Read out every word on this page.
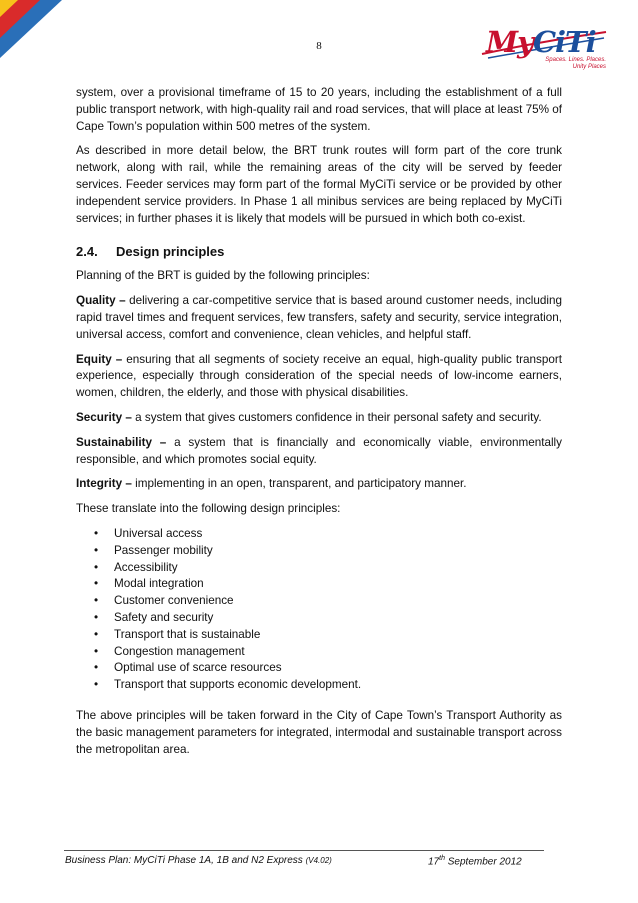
8	MyCiTi
Spaces. Lines. Places.
Unity Places

system, over a provisional timeframe of 15 to 20 years, including the establishment of a full public transport network, with high-quality rail and road services, that will place at least 75% of Cape Town’s population within 500 metres of the system.

As described in more detail below, the BRT trunk routes will form part of the core trunk network, along with rail, while the remaining areas of the city will be served by feeder services. Feeder services may form part of the formal MyCiTi service or be provided by other independent service providers. In Phase 1 all minibus services are being replaced by MyCiTi services; in further phases it is likely that models will be pursued in which both co-exist.

2.4. Design principles

Planning of the BRT is guided by the following principles:

Quality – delivering a car-competitive service that is based around customer needs, including rapid travel times and frequent services, few transfers, safety and security, service integration, universal access, comfort and convenience, clean vehicles, and helpful staff.

Equity – ensuring that all segments of society receive an equal, high-quality public transport experience, especially through consideration of the special needs of low-income earners, women, children, the elderly, and those with physical disabilities.

Security – a system that gives customers confidence in their personal safety and security.

Sustainability – a system that is financially and economically viable, environmentally responsible, and which promotes social equity.

Integrity – implementing in an open, transparent, and participatory manner.

These translate into the following design principles:

• Universal access
• Passenger mobility
• Accessibility
• Modal integration
• Customer convenience
• Safety and security
• Transport that is sustainable
• Congestion management
• Optimal use of scarce resources
• Transport that supports economic development.

The above principles will be taken forward in the City of Cape Town’s Transport Authority as the basic management parameters for integrated, intermodal and sustainable transport across the metropolitan area.

Business Plan: MyCiTi Phase 1A, 1B and N2 Express (V4.02)	17th September 2012
